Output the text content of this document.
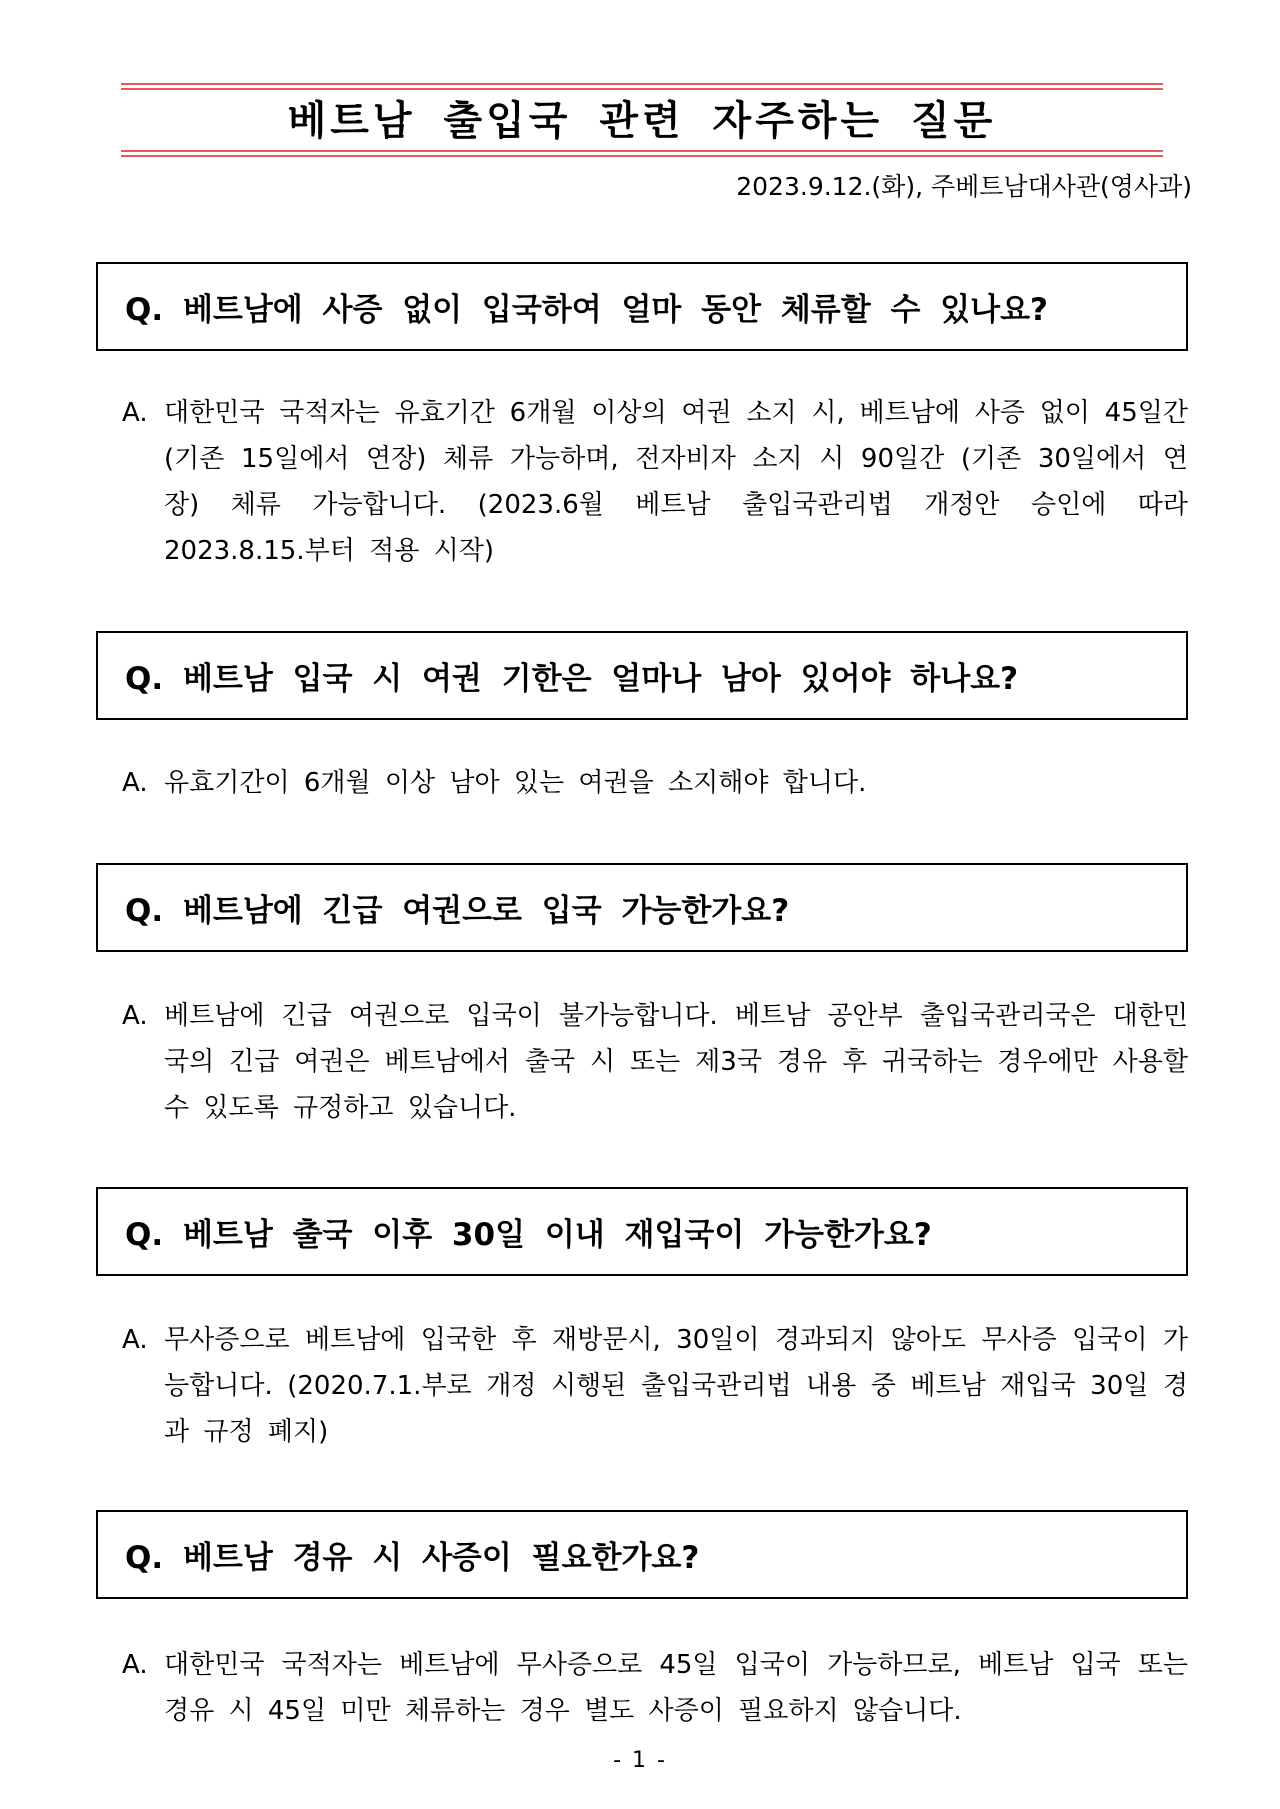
베트남 출입국 관련 자주하는 질문
2023.9.12.(화), 주베트남대사관(영사과)
Q. 베트남에 사증 없이 입국하여 얼마 동안 체류할 수 있나요?
A. 대한민국 국적자는 유효기간 6개월 이상의 여권 소지 시, 베트남에 사증 없이 45일간(기존 15일에서 연장) 체류 가능하며, 전자비자 소지 시 90일간 (기존 30일에서 연장) 체류 가능합니다. (2023.6월 베트남 출입국관리법 개정안 승인에 따라 2023.8.15.부터 적용 시작)
Q. 베트남 입국 시 여권 기한은 얼마나 남아 있어야 하나요?
A. 유효기간이 6개월 이상 남아 있는 여권을 소지해야 합니다.
Q. 베트남에 긴급 여권으로 입국 가능한가요?
A. 베트남에 긴급 여권으로 입국이 불가능합니다. 베트남 공안부 출입국관리국은 대한민국의 긴급 여권은 베트남에서 출국 시 또는 제3국 경유 후 귀국하는 경우에만 사용할 수 있도록 규정하고 있습니다.
Q. 베트남 출국 이후 30일 이내 재입국이 가능한가요?
A. 무사증으로 베트남에 입국한 후 재방문시, 30일이 경과되지 않아도 무사증 입국이 가능합니다. (2020.7.1.부로 개정 시행된 출입국관리법 내용 중 베트남 재입국 30일 경과 규정 폐지)
Q. 베트남 경유 시 사증이 필요한가요?
A. 대한민국 국적자는 베트남에 무사증으로 45일 입국이 가능하므로, 베트남 입국 또는 경유 시 45일 미만 체류하는 경우 별도 사증이 필요하지 않습니다.
- 1 -
